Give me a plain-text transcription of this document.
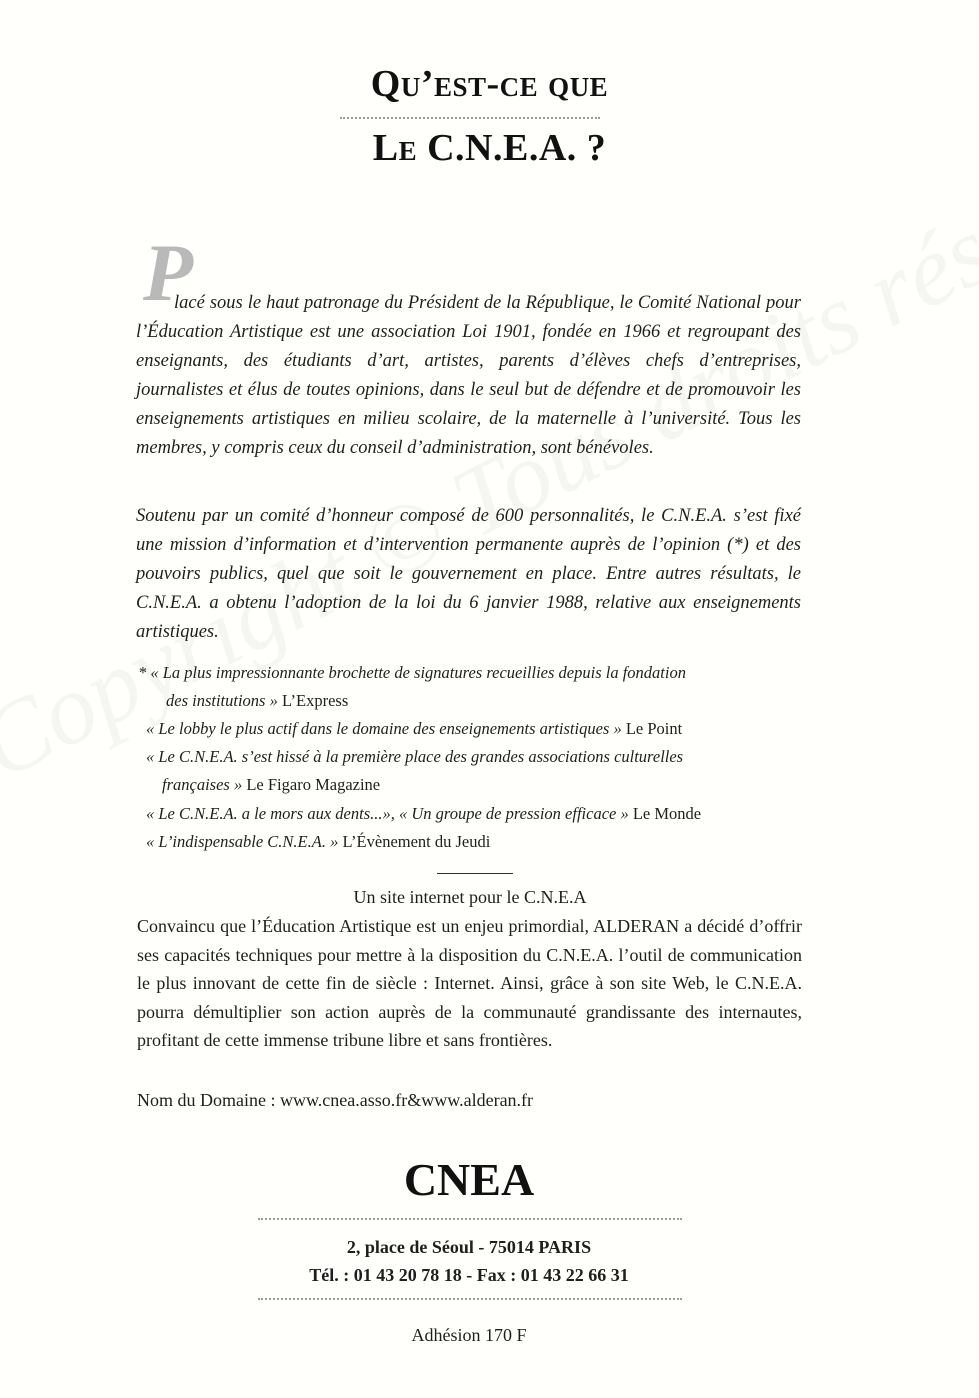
Qu’est-ce que
Le C.N.E.A. ?
P
lacé sous le haut patronage du Président de la République, le Comité National pour l’Éducation Artistique est une association Loi 1901, fondée en 1966 et regroupant des enseignants, des étudiants d’art, artistes, parents d’élèves chefs d’entreprises, journalistes et élus de toutes opinions, dans le seul but de défendre et de promouvoir les enseignements artistiques en milieu scolaire, de la maternelle à l’université. Tous les membres, y compris ceux du conseil d’administration, sont bénévoles.
Soutenu par un comité d’honneur composé de 600 personnalités, le C.N.E.A. s’est fixé une mission d’information et d’intervention permanente auprès de l’opinion (*) et des pouvoirs publics, quel que soit le gouvernement en place. Entre autres résultats, le C.N.E.A. a obtenu l’adoption de la loi du 6 janvier 1988, relative aux enseignements artistiques.
* « La plus impressionnante brochette de signatures recueillies depuis la fondation
des institutions » L’Express
« Le lobby le plus actif dans le domaine des enseignements artistiques » Le Point
« Le C.N.E.A. s’est hissé à la première place des grandes associations culturelles
françaises » Le Figaro Magazine
« Le C.N.E.A. a le mors aux dents...», « Un groupe de pression efficace » Le Monde
« L’indispensable C.N.E.A. » L’Évènement du Jeudi
Un site internet pour le C.N.E.A
Convaincu que l’Éducation Artistique est un enjeu primordial, ALDERAN a décidé d’offrir ses capacités techniques pour mettre à la disposition du C.N.E.A. l’outil de communication le plus innovant de cette fin de siècle : Internet. Ainsi, grâce à son site Web, le C.N.E.A. pourra démultiplier son action auprès de la communauté grandissante des internautes, profitant de cette immense tribune libre et sans frontières.
Nom du Domaine : www.cnea.asso.fr&www.alderan.fr
CNEA
2, place de Séoul - 75014 PARIS
Tél. : 01 43 20 78 18 - Fax : 01 43 22 66 31
Adhésion 170 F
